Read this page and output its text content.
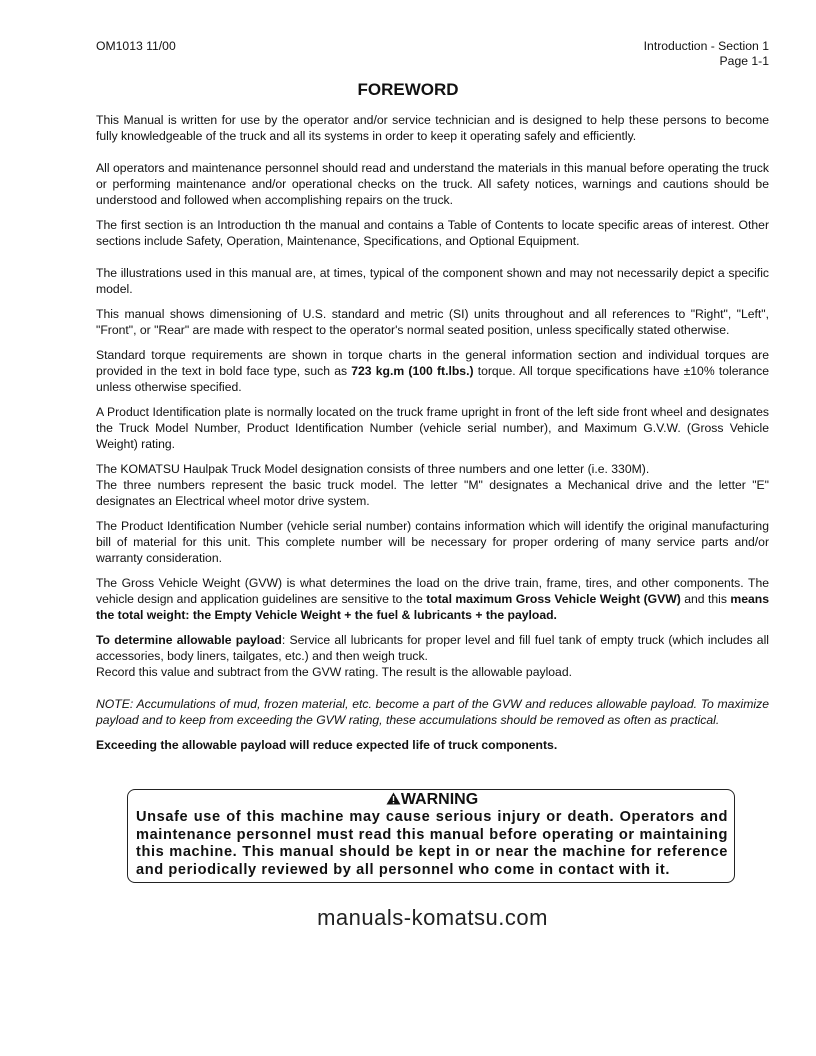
OM1013 11/00	Introduction - Section 1
Page 1-1
FOREWORD

This Manual is written for use by the operator and/or service technician and is designed to help these persons to become fully knowledgeable of the truck and all its systems in order to keep it operating safely and efficiently.

All operators and maintenance personnel should read and understand the materials in this manual before operating the truck or performing maintenance and/or operational checks on the truck. All safety notices, warnings and cautions should be understood and followed when accomplishing repairs on the truck.

The first section is an Introduction th the manual and contains a Table of Contents to locate specific areas of interest. Other sections include Safety, Operation, Maintenance, Specifications, and Optional Equipment.

The illustrations used in this manual are, at times, typical of the component shown and may not necessarily depict a specific model.

This manual shows dimensioning of U.S. standard and metric (SI) units throughout and all references to "Right", "Left", "Front", or "Rear" are made with respect to the operator's normal seated position, unless specifically stated otherwise.

Standard torque requirements are shown in torque charts in the general information section and individual torques are provided in the text in bold face type, such as 723 kg.m (100 ft.lbs.) torque. All torque specifications have ±10% tolerance unless otherwise specified.

A Product Identification plate is normally located on the truck frame upright in front of the left side front wheel and designates the Truck Model Number, Product Identification Number (vehicle serial number), and Maximum G.V.W. (Gross Vehicle Weight) rating.

The KOMATSU Haulpak Truck Model designation consists of three numbers and one letter (i.e. 330M).
The three numbers represent the basic truck model. The letter "M" designates a Mechanical drive and the letter "E" designates an Electrical wheel motor drive system.

The Product Identification Number (vehicle serial number) contains information which will identify the original manufacturing bill of material for this unit. This complete number will be necessary for proper ordering of many service parts and/or warranty consideration.

The Gross Vehicle Weight (GVW) is what determines the load on the drive train, frame, tires, and other components. The vehicle design and application guidelines are sensitive to the total maximum Gross Vehicle Weight (GVW) and this means the total weight: the Empty Vehicle Weight + the fuel & lubricants + the payload.

To determine allowable payload: Service all lubricants for proper level and fill fuel tank of empty truck (which includes all accessories, body liners, tailgates, etc.) and then weigh truck.
Record this value and subtract from the GVW rating. The result is the allowable payload.

NOTE: Accumulations of mud, frozen material, etc. become a part of the GVW and reduces allowable payload. To maximize payload and to keep from exceeding the GVW rating, these accumulations should be removed as often as practical.

Exceeding the allowable payload will reduce expected life of truck components.

WARNING
Unsafe use of this machine may cause serious injury or death. Operators and maintenance personnel must read this manual before operating or maintaining this machine. This manual should be kept in or near the machine for reference and periodically reviewed by all personnel who come in contact with it.
manuals-komatsu.com
